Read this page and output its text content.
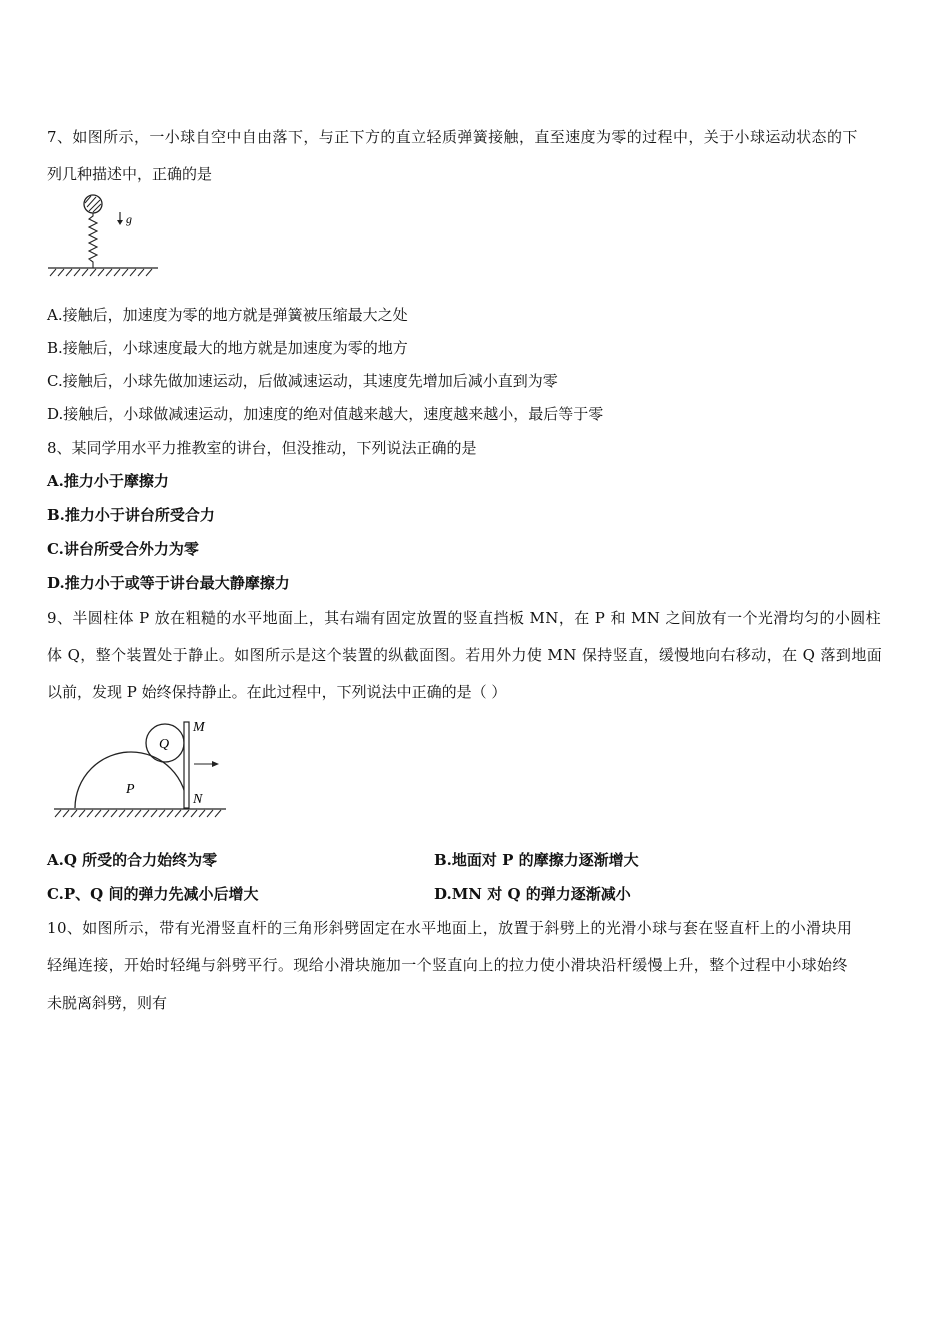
7、如图所示，一小球自空中自由落下，与正下方的直立轻质弹簧接触，直至速度为零的过程中，关于小球运动状态的下
列几种描述中，正确的是
g
A.接触后，加速度为零的地方就是弹簧被压缩最大之处
B.接触后，小球速度最大的地方就是加速度为零的地方
C.接触后，小球先做加速运动，后做减速运动，其速度先增加后减小直到为零
D.接触后，小球做减速运动，加速度的绝对值越来越大，速度越来越小，最后等于零
8、某同学用水平力推教室的讲台，但没推动，下列说法正确的是
A.推力小于摩擦力
B.推力小于讲台所受合力
C.讲台所受合外力为零
D.推力小于或等于讲台最大静摩擦力
9、半圆柱体 P 放在粗糙的水平地面上，其右端有固定放置的竖直挡板 MN，在 P 和 MN 之间放有一个光滑均匀的小圆柱
体 Q，整个装置处于静止。如图所示是这个装置的纵截面图。若用外力使 MN 保持竖直，缓慢地向右移动，在 Q 落到地面
以前，发现 P 始终保持静止。在此过程中，下列说法中正确的是（ ）
Q
P
M
N
A.Q 所受的合力始终为零	B.地面对 P 的摩擦力逐渐增大
C.P、Q 间的弹力先减小后增大	D.MN 对 Q 的弹力逐渐减小
10、如图所示，带有光滑竖直杆的三角形斜劈固定在水平地面上，放置于斜劈上的光滑小球与套在竖直杆上的小滑块用
轻绳连接，开始时轻绳与斜劈平行。现给小滑块施加一个竖直向上的拉力使小滑块沿杆缓慢上升，整个过程中小球始终
未脱离斜劈，则有
